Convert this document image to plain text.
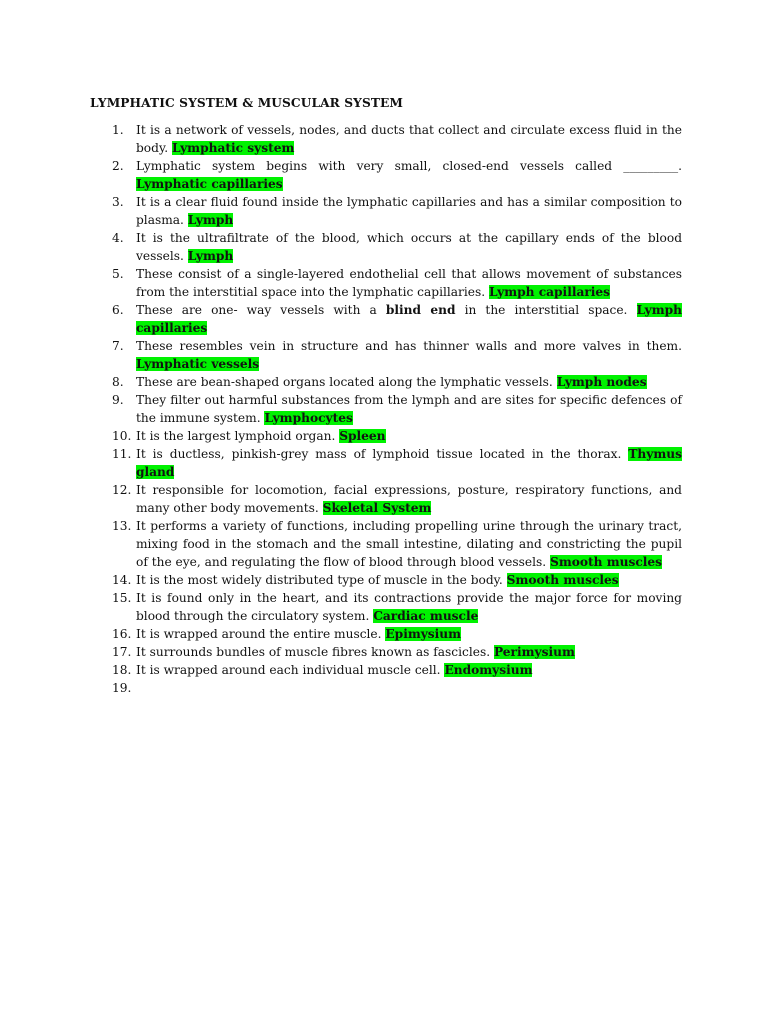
LYMPHATIC SYSTEM & MUSCULAR SYSTEM
1.	It is a network of vessels, nodes, and ducts that collect and circulate excess fluid in the body. Lymphatic system
2.	Lymphatic system begins with very small, closed-end vessels called _________. Lymphatic capillaries
3.	It is a clear fluid found inside the lymphatic capillaries and has a similar composition to plasma. Lymph
4.	It is the ultrafiltrate of the blood, which occurs at the capillary ends of the blood vessels. Lymph
5.	These consist of a single-layered endothelial cell that allows movement of substances from the interstitial space into the lymphatic capillaries. Lymph capillaries
6.	These are one- way vessels with a blind end in the interstitial space. Lymph capillaries
7.	These resembles vein in structure and has thinner walls and more valves in them. Lymphatic vessels
8.	These are bean-shaped organs located along the lymphatic vessels. Lymph nodes
9.	They filter out harmful substances from the lymph and are sites for specific defences of the immune system. Lymphocytes
10. It is the largest lymphoid organ. Spleen
11. It is ductless, pinkish-grey mass of lymphoid tissue located in the thorax. Thymus gland
12. It responsible for locomotion, facial expressions, posture, respiratory functions, and many other body movements. Skeletal System
13. It performs a variety of functions, including propelling urine through the urinary tract, mixing food in the stomach and the small intestine, dilating and constricting the pupil of the eye, and regulating the flow of blood through blood vessels. Smooth muscles
14. It is the most widely distributed type of muscle in the body. Smooth muscles
15. It is found only in the heart, and its contractions provide the major force for moving blood through the circulatory system. Cardiac muscle
16. It is wrapped around the entire muscle. Epimysium
17. It surrounds bundles of muscle fibres known as fascicles. Perimysium
18. It is wrapped around each individual muscle cell. Endomysium
19.
